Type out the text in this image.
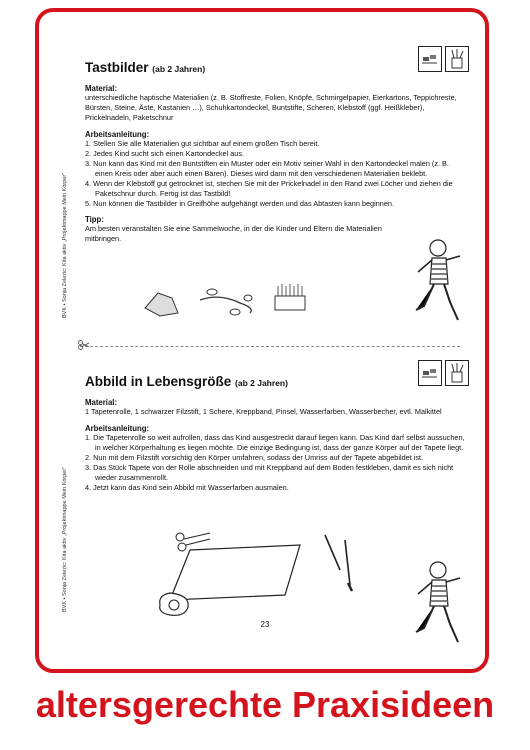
BVK • Sonja Zelezic: Kita aktiv „Projektmappe Mein Körper"
BVK • Sonja Zelezic: Kita aktiv „Projektmappe Mein Körper"
Tastbilder (ab 2 Jahren)
Material:
unterschiedliche haptische Materialien (z. B. Stoffreste, Folien, Knöpfe, Schmirgelpapier, Eierkartons, Teppichreste, Bürsten, Steine, Äste, Kastanien …), Schuhkartondeckel, Buntstifte, Scheren, Klebstoff (ggf. Heißkleber), Prickelnadeln, Paketschnur
Arbeitsanleitung:
1. Stellen Sie alle Materialien gut sichtbar auf einem großen Tisch bereit.
2. Jedes Kind sucht sich einen Kartondeckel aus.
3. Nun kann das Kind mit den Buntstiften ein Muster oder ein Motiv seiner Wahl in den Kartondeckel malen (z. B. einen Kreis oder aber auch einen Bären). Dieses wird dann mit den verschiedenen Materialien beklebt.
4. Wenn der Klebstoff gut getrocknet ist, stechen Sie mit der Prickelnadel in den Rand zwei Löcher und ziehen die Paketschnur durch. Fertig ist das Tastbild!
5. Nun können die Tastbilder in Greifhöhe aufgehängt werden und das Abtasten kann beginnen.
Tipp:
Am besten veranstalten Sie eine Sammelwoche, in der die Kinder und Eltern die Materialien mitbringen.
Abbild in Lebensgröße (ab 2 Jahren)
Material:
1 Tapetenrolle, 1 schwarzer Filzstift, 1 Schere, Kreppband, Pinsel, Wasserfarben, Wasserbecher, evtl. Malkittel
Arbeitsanleitung:
1. Die Tapetenrolle so weit aufrollen, dass das Kind ausgestreckt darauf liegen kann. Das Kind darf selbst aussuchen, in welcher Körperhaltung es liegen möchte. Die einzige Bedingung ist, dass der ganze Körper auf der Tapete liegt.
2. Nun mit dem Filzstift vorsichtig den Körper umfahren, sodass der Umriss auf der Tapete abgebildet ist.
3. Das Stück Tapete von der Rolle abschneiden und mit Kreppband auf dem Boden festkleben, damit es sich nicht wieder zusammenrollt.
4. Jetzt kann das Kind sein Abbild mit Wasserfarben ausmalen.
23
altersgerechte Praxisideen
